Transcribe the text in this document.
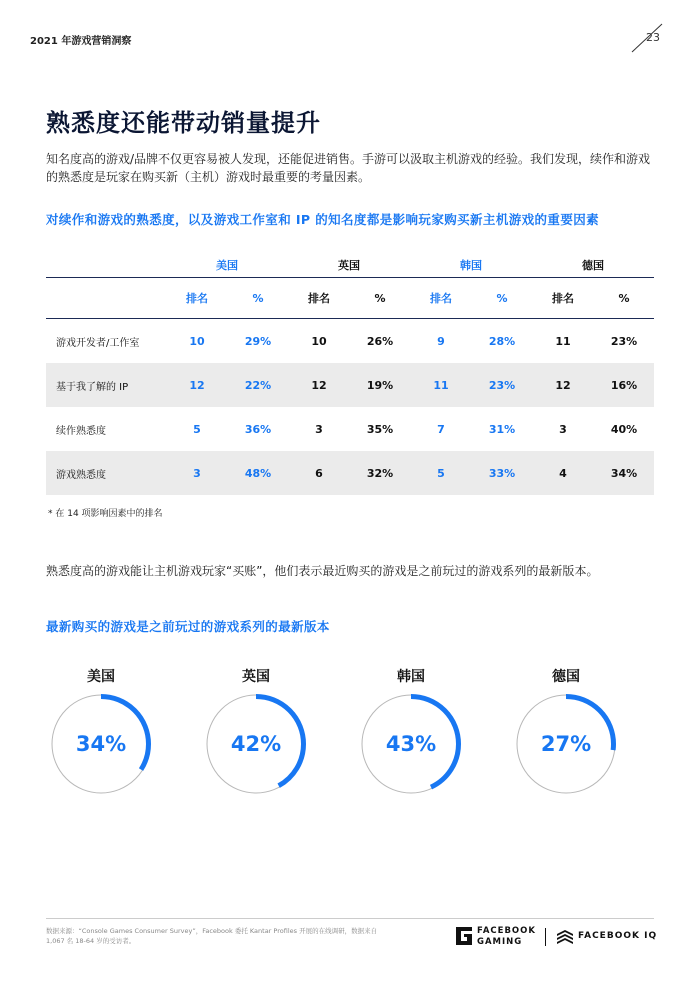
2021 年游戏营销洞察	23
熟悉度还能带动销量提升
知名度高的游戏/品牌不仅更容易被人发现，还能促进销售。手游可以汲取主机游戏的经验。我们发现，续作和游戏的熟悉度是玩家在购买新（主机）游戏时最重要的考量因素。
对续作和游戏的熟悉度，以及游戏工作室和 IP 的知名度都是影响玩家购买新主机游戏的重要因素
	美国		英国		韩国		德国	
	排名	%	排名	%	排名	%	排名	%
游戏开发者/工作室	10	29%	10	26%	9	28%	11	23%
基于我了解的 IP	12	22%	12	19%	11	23%	12	16%
续作熟悉度	5	36%	3	35%	7	31%	3	40%
游戏熟悉度	3	48%	6	32%	5	33%	4	34%
* 在 14 项影响因素中的排名
熟悉度高的游戏能让主机游戏玩家“买账”，他们表示最近购买的游戏是之前玩过的游戏系列的最新版本。
最新购买的游戏是之前玩过的游戏系列的最新版本
美国
34%
英国
42%
韩国
43%
德国
27%
数据来源：“Console Games Consumer Survey”，Facebook 委托 Kantar Profiles 开展的在线调研，数据来自
1,067 名 18-64 岁的受访者。
FACEBOOK
GAMING
FACEBOOK IQ
